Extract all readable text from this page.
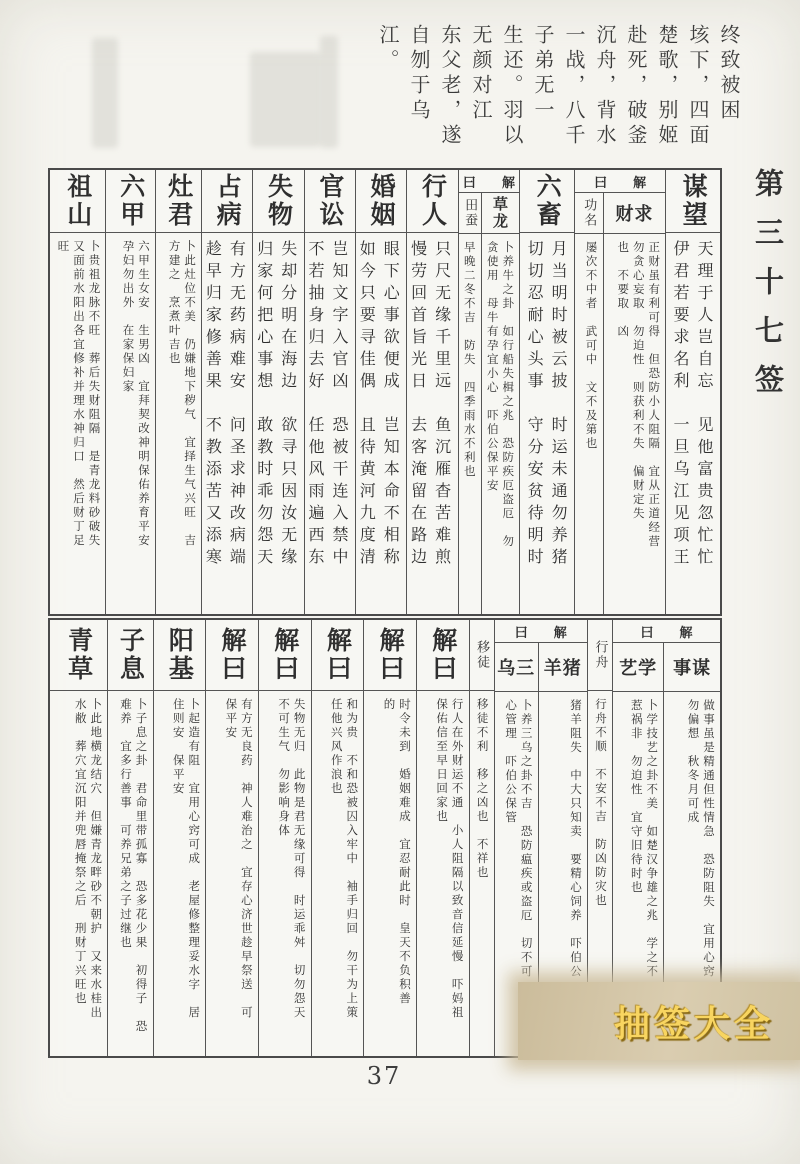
终致被困
垓下，四面
楚歌，别姬
赴死，破釜
沉舟，背水
一战，八千
子弟无一
生还。羽以
无颜对江
东父老，遂
自刎于乌
江。
第三十七签
谋望
天理于人岂自忘　见他富贵忽忙忙
伊君若要求名利　一旦乌江见项王
曰 解
财求
正财虽有利可得　但恐防小人阻隔　宜从正道经营
勿贪心妄取　勿迫性　则获利不失　偏财定失
也　不要取　凶
功名
屡次不中者　武可中　文不及第也
六畜
月当明时被云披　时运未通勿养猪
切切忍耐心头事　守分安贫待明时
曰 解
草龙
卜养牛之卦　如行船失楫之兆　恐防疾厄盗厄　勿
贪使用　母牛有孕宜小心　吓伯公保平安
田蚕
早晚二冬不吉　防失　四季雨水不利也
行人
只尺无缘千里远　鱼沉雁杳苦难煎
慢劳回首旨光日　去客淹留在路边
婚姻
眼下心事欲便成　岂知本命不相称
如今只要寻佳偶　且待黄河九度清
官讼
岂知文字入官凶　恐被干连入禁中
不若抽身归去好　任他风雨遍西东
失物
失却分明在海边　欲寻只因汝无缘
归家何把心事想　敢教时乖勿怨天
占病
有方无药病难安　问圣求神改病端
趁早归家修善果　不教添苦又添寒
灶君
卜此灶位不美　仍嫌地下秽气　宜择生气兴旺　吉
方建之　烹煮叶吉也
六甲
六甲生女安　生男凶　宜拜契改神明保佑养育平安
孕妇勿出外　在家保妇家
祖山
卜贵祖龙脉不旺　葬后失财阻隔　是青龙料砂破失
又面前水阳出各宜修补并理水神归口　然后财丁足
旺
曰 解
事谋
做事虽是精通但性情急　恐防阻失　宜用心窍
勿偏想　秋冬月可成
艺学
卜学技艺之卦不美　如楚汉争雄之兆　学之不
惹祸非　勿迫性　宜守旧待时也
行舟
行舟不顺　不安不吉　防凶防灾也
曰 解
羊猪
猪羊阻失　中大只知卖　要精心饲养　吓伯公
乌三
卜养三乌之卦不吉　恐防瘟疾或盗厄　切不可
心管理　吓伯公保管
移徒
移徒不利　移之凶也　不祥也
解曰
行人在外财运不通　小人阻隔以致音信延慢　吓妈祖
保佑信至早日回家也
解曰
时令未到　婚姻难成　宜忍耐此时　皇天不负积善
的
解曰
和为贵　不和恐被囚入牢中　袖手归回　勿干为上策
任他兴风作浪也
解曰
失物无归　此物是君无缘可得　时运乖舛　切勿怨天
不可生气　勿影响身体
解曰
有方无良药　神人难治之　宜存心济世趁早祭送　可
保平安
阳基
卜起造有阻　宜用心窍可成　老屋修整理妥水字　居
住则安　保平安
子息
卜子息之卦　君命里带孤寡　恐多花少果　初得子　恐
难养　宜多行善事　可养兄弟之子过继也
青草
卜此地横龙结穴　但嫌青龙畔砂不朝护　又来水桂出
水敝　葬穴宜沉阳并兜唇掩祭之后　刑财丁兴旺也
抽签大全
37
